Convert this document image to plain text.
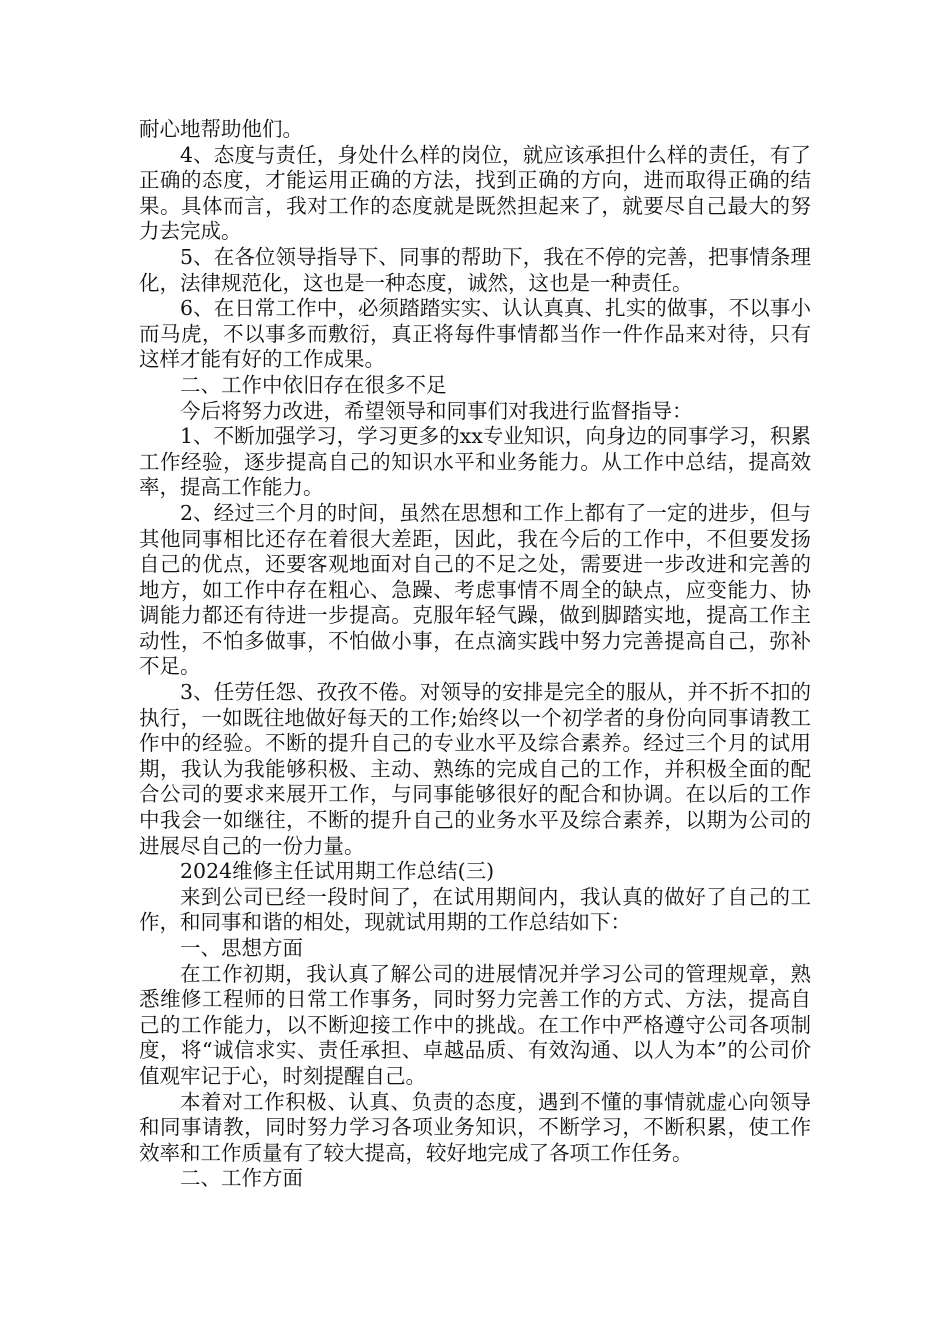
耐心地帮助他们。

4、态度与责任，身处什么样的岗位，就应该承担什么样的责任，有了正确的态度，才能运用正确的方法，找到正确的方向，进而取得正确的结果。具体而言，我对工作的态度就是既然担起来了，就要尽自己最大的努力去完成。

5、在各位领导指导下、同事的帮助下，我在不停的完善，把事情条理化，法律规范化，这也是一种态度，诚然，这也是一种责任。

6、在日常工作中，必须踏踏实实、认认真真、扎实的做事，不以事小而马虎，不以事多而敷衍，真正将每件事情都当作一件作品来对待，只有这样才能有好的工作成果。

二、工作中依旧存在很多不足

今后将努力改进，希望领导和同事们对我进行监督指导：

1、不断加强学习，学习更多的xx专业知识，向身边的同事学习，积累工作经验，逐步提高自己的知识水平和业务能力。从工作中总结，提高效率，提高工作能力。

2、经过三个月的时间，虽然在思想和工作上都有了一定的进步，但与其他同事相比还存在着很大差距，因此，我在今后的工作中，不但要发扬自己的优点，还要客观地面对自己的不足之处，需要进一步改进和完善的地方，如工作中存在粗心、急躁、考虑事情不周全的缺点，应变能力、协调能力都还有待进一步提高。克服年轻气躁，做到脚踏实地，提高工作主动性，不怕多做事，不怕做小事，在点滴实践中努力完善提高自己，弥补不足。

3、任劳任怨、孜孜不倦。对领导的安排是完全的服从，并不折不扣的执行，一如既往地做好每天的工作;始终以一个初学者的身份向同事请教工作中的经验。不断的提升自己的专业水平及综合素养。经过三个月的试用期，我认为我能够积极、主动、熟练的完成自己的工作，并积极全面的配合公司的要求来展开工作，与同事能够很好的配合和协调。在以后的工作中我会一如继往，不断的提升自己的业务水平及综合素养，以期为公司的进展尽自己的一份力量。

2024维修主任试用期工作总结(三)

来到公司已经一段时间了，在试用期间内，我认真的做好了自己的工作，和同事和谐的相处，现就试用期的工作总结如下：

一、思想方面

在工作初期，我认真了解公司的进展情况并学习公司的管理规章，熟悉维修工程师的日常工作事务，同时努力完善工作的方式、方法，提高自己的工作能力，以不断迎接工作中的挑战。在工作中严格遵守公司各项制度，将“诚信求实、责任承担、卓越品质、有效沟通、以人为本”的公司价值观牢记于心，时刻提醒自己。

本着对工作积极、认真、负责的态度，遇到不懂的事情就虚心向领导和同事请教，同时努力学习各项业务知识，不断学习，不断积累，使工作效率和工作质量有了较大提高，较好地完成了各项工作任务。

二、工作方面
